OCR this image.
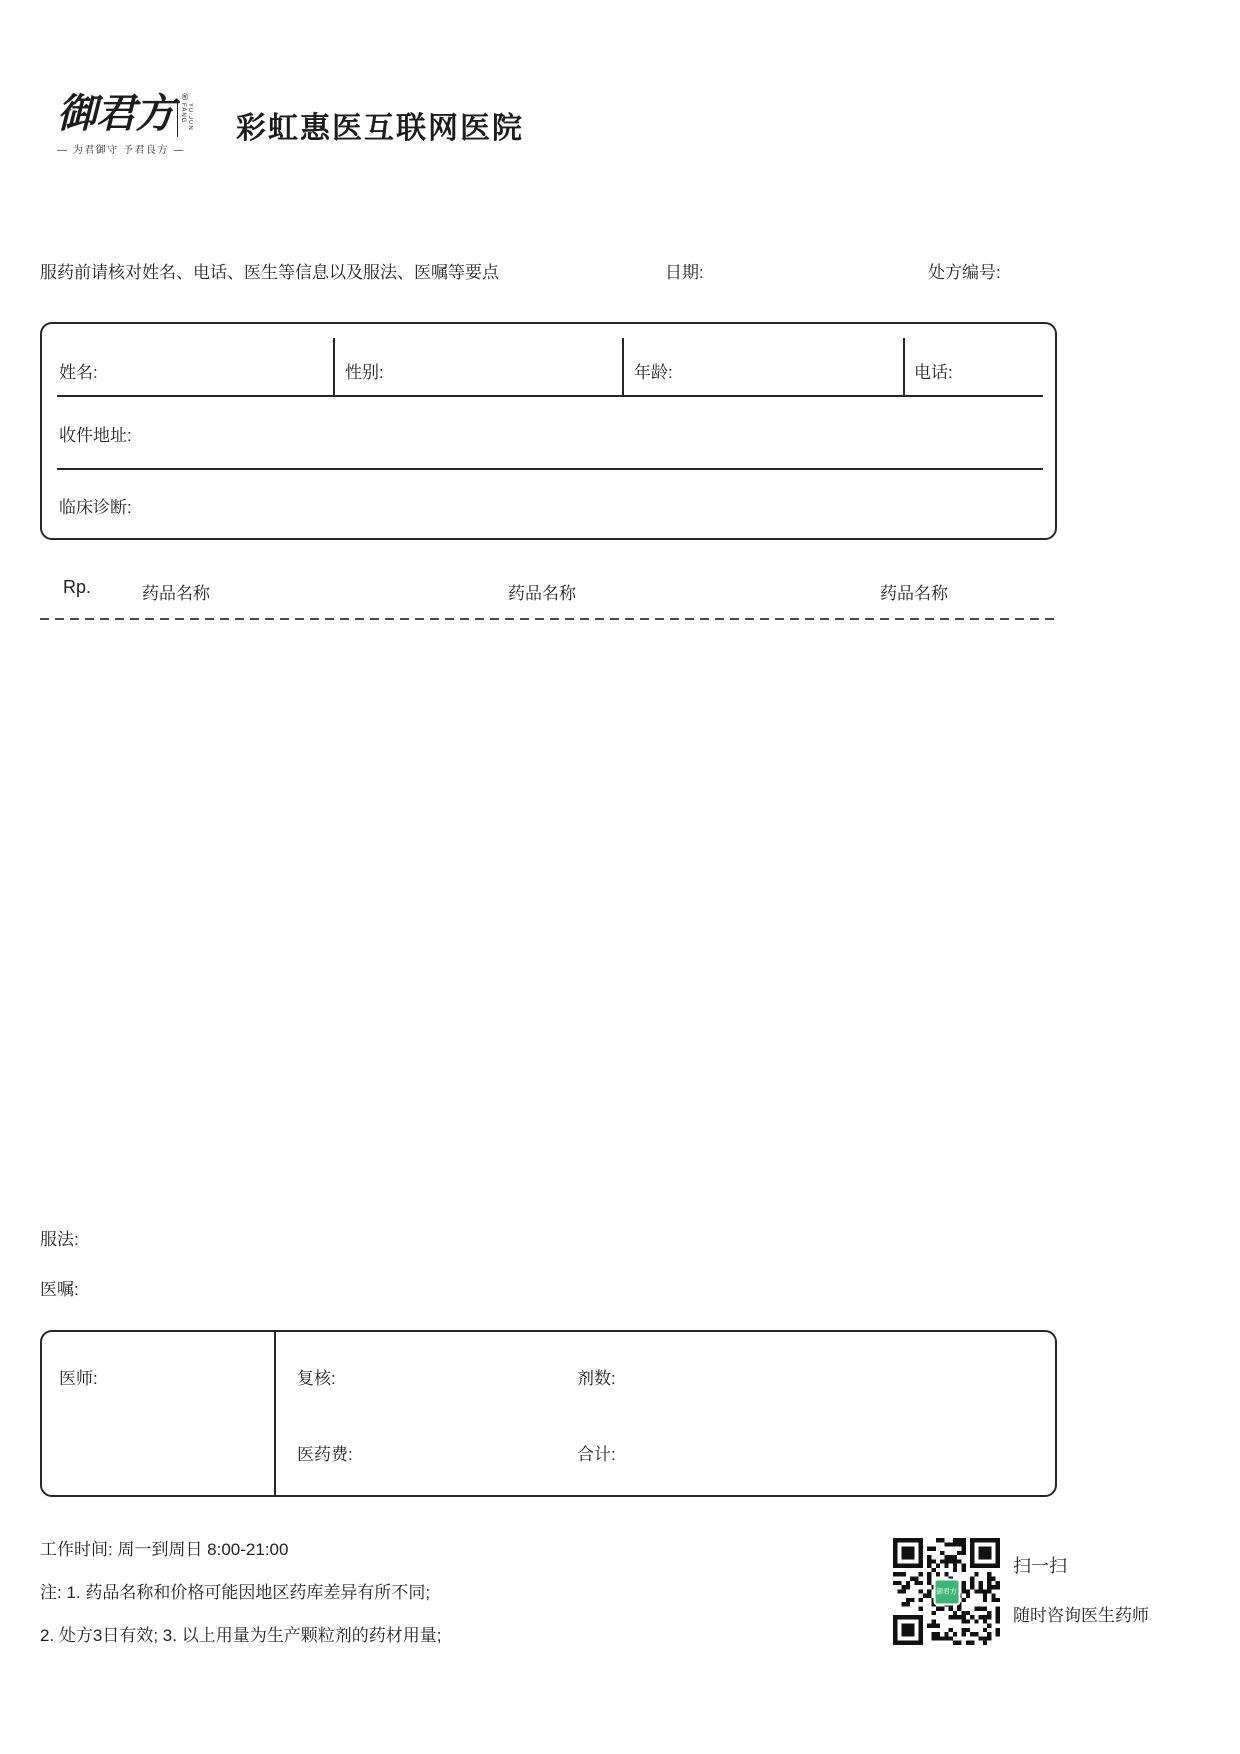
御君方 ®
YU JUN FANG
— 为君御守 予君良方 —
彩虹惠医互联网医院
服药前请核对姓名、电话、医生等信息以及服法、医嘱等要点	日期:	处方编号:
姓名:	性别:	年龄:	电话:
收件地址:
临床诊断:
Rp.	药品名称	药品名称	药品名称
服法:
医嘱:
医师:	复核:	剂数:
医药费:	合计:
工作时间: 周一到周日 8:00-21:00
注: 1. 药品名称和价格可能因地区药库差异有所不同;
2. 处方3日有效; 3. 以上用量为生产颗粒剂的药材用量;
御君方
扫一扫
随时咨询医生药师
